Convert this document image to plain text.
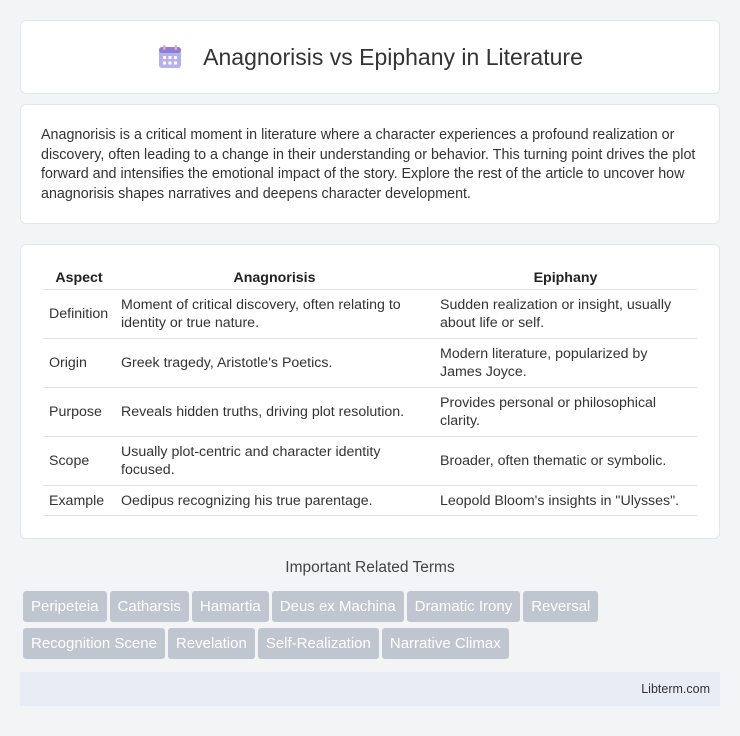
Anagnorisis vs Epiphany in Literature

Anagnorisis is a critical moment in literature where a character experiences a profound realization or discovery, often leading to a change in their understanding or behavior. This turning point drives the plot forward and intensifies the emotional impact of the story. Explore the rest of the article to uncover how anagnorisis shapes narratives and deepens character development.

Aspect	Anagnorisis	Epiphany
Definition	Moment of critical discovery, often relating to identity or true nature.	Sudden realization or insight, usually about life or self.
Origin	Greek tragedy, Aristotle's Poetics.	Modern literature, popularized by James Joyce.
Purpose	Reveals hidden truths, driving plot resolution.	Provides personal or philosophical clarity.
Scope	Usually plot-centric and character identity focused.	Broader, often thematic or symbolic.
Example	Oedipus recognizing his true parentage.	Leopold Bloom's insights in "Ulysses".
Important Related Terms
Peripeteia Catharsis Hamartia Deus ex Machina Dramatic Irony Reversal
Recognition Scene Revelation Self-Realization Narrative Climax
Libterm.com
